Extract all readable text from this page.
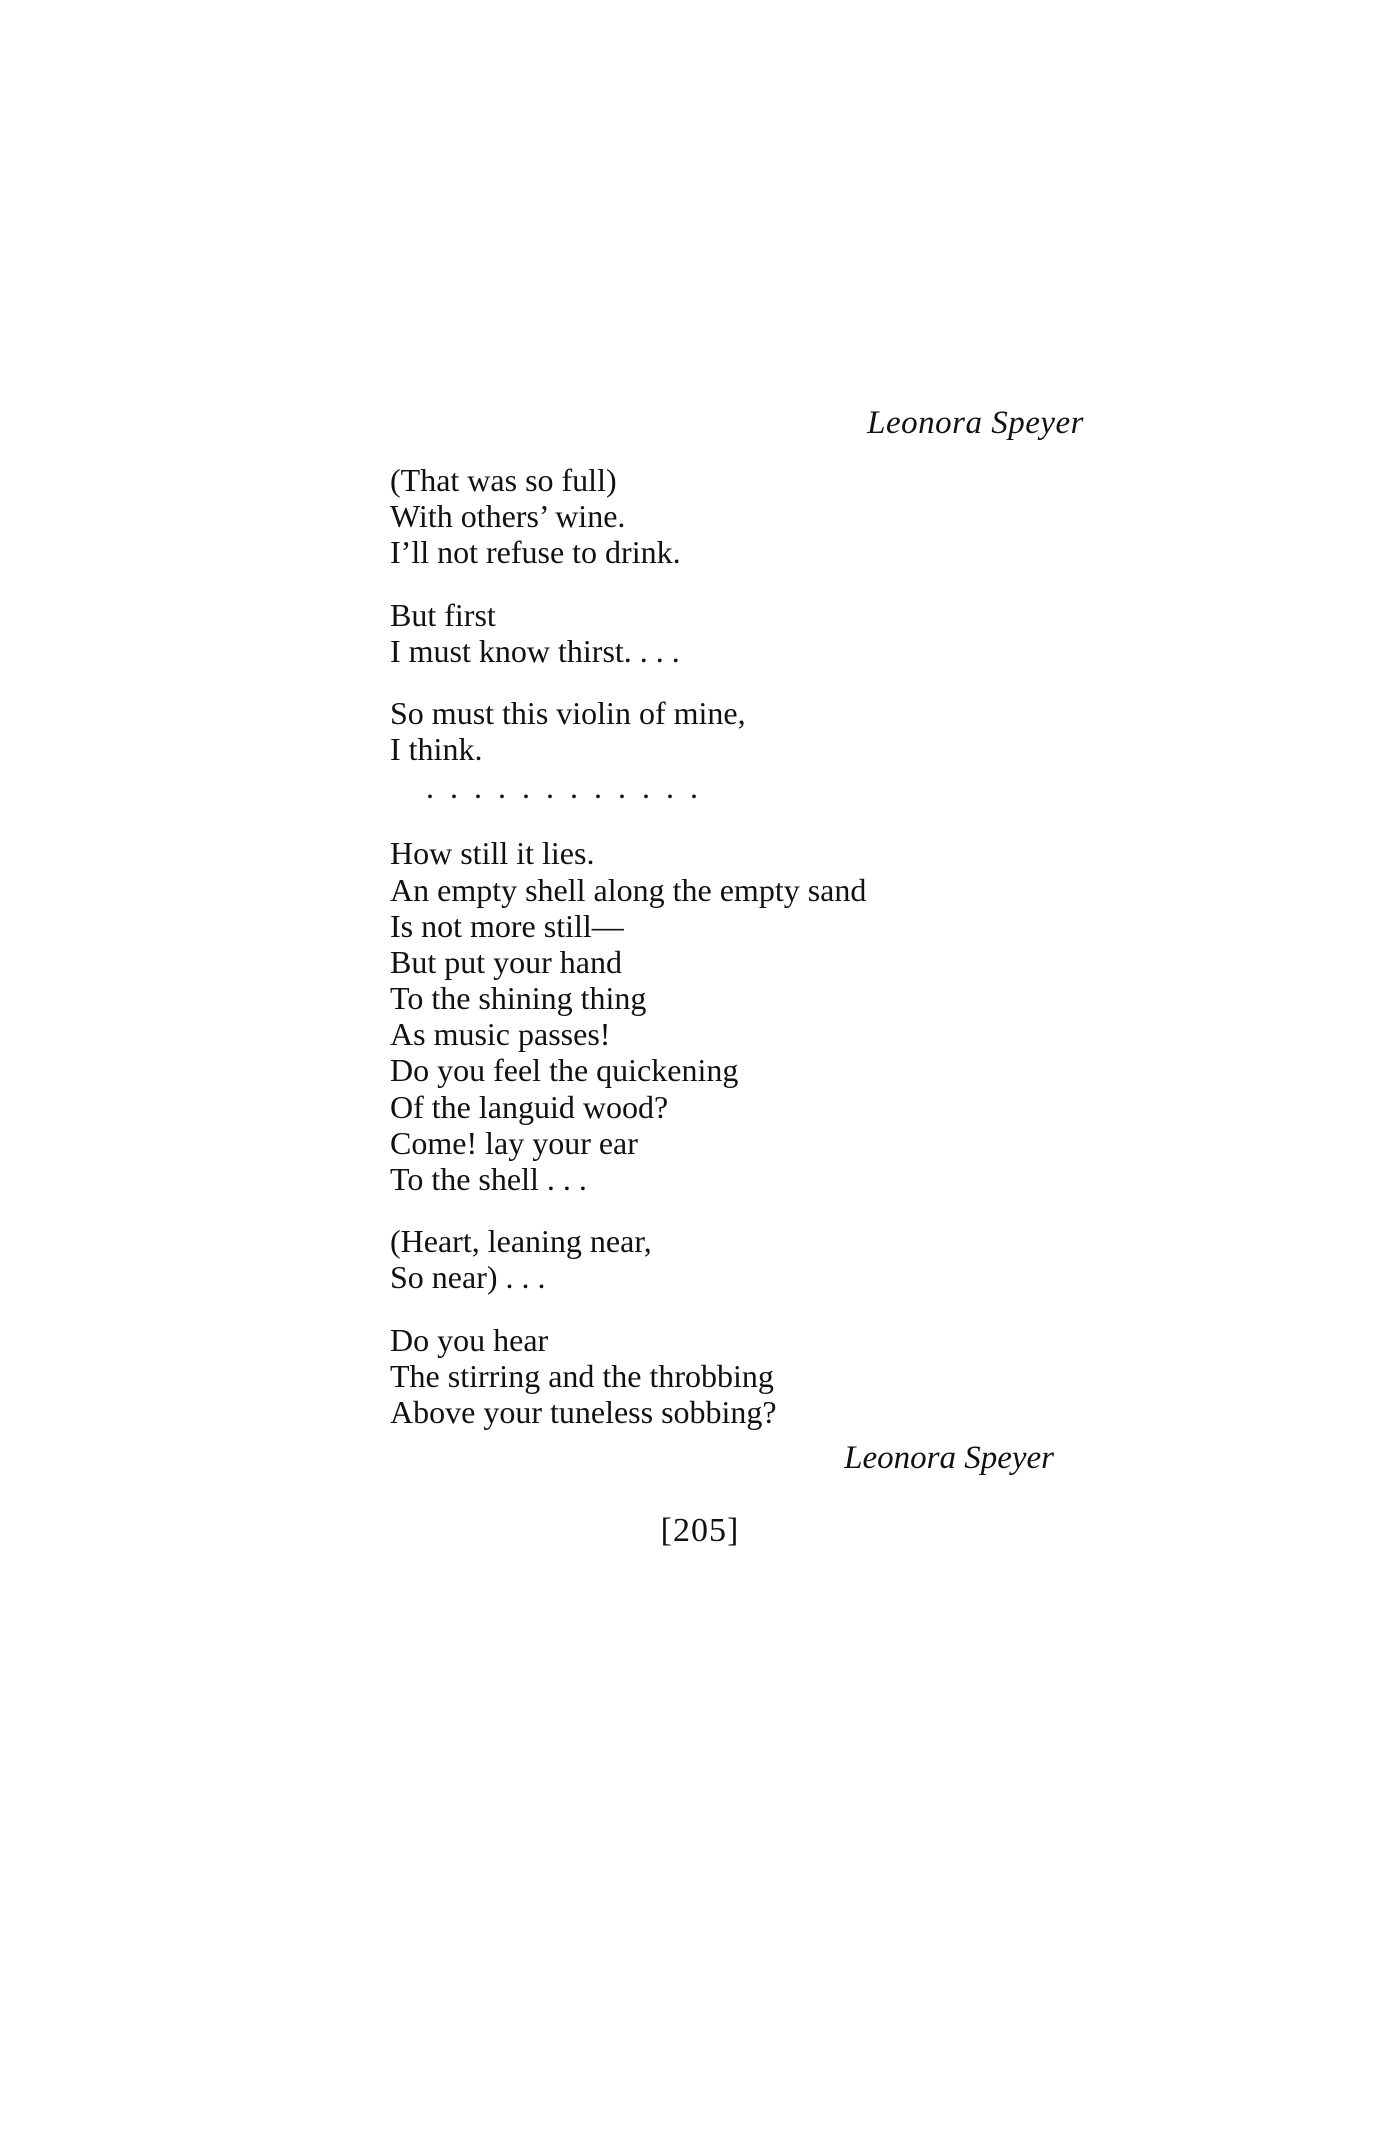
Leonora Speyer
(That was so full)
With others’ wine.
I’ll not refuse to drink.
But first
I must know thirst. . . .
So must this violin of mine,
I think.
. . . . . . . . . . . .
How still it lies.
An empty shell along the empty sand
Is not more still—
But put your hand
To the shining thing
As music passes!
Do you feel the quickening
Of the languid wood?
Come! lay your ear
To the shell . . .
(Heart, leaning near,
So near) . . .
Do you hear
The stirring and the throbbing
Above your tuneless sobbing?
Leonora Speyer
[205]
